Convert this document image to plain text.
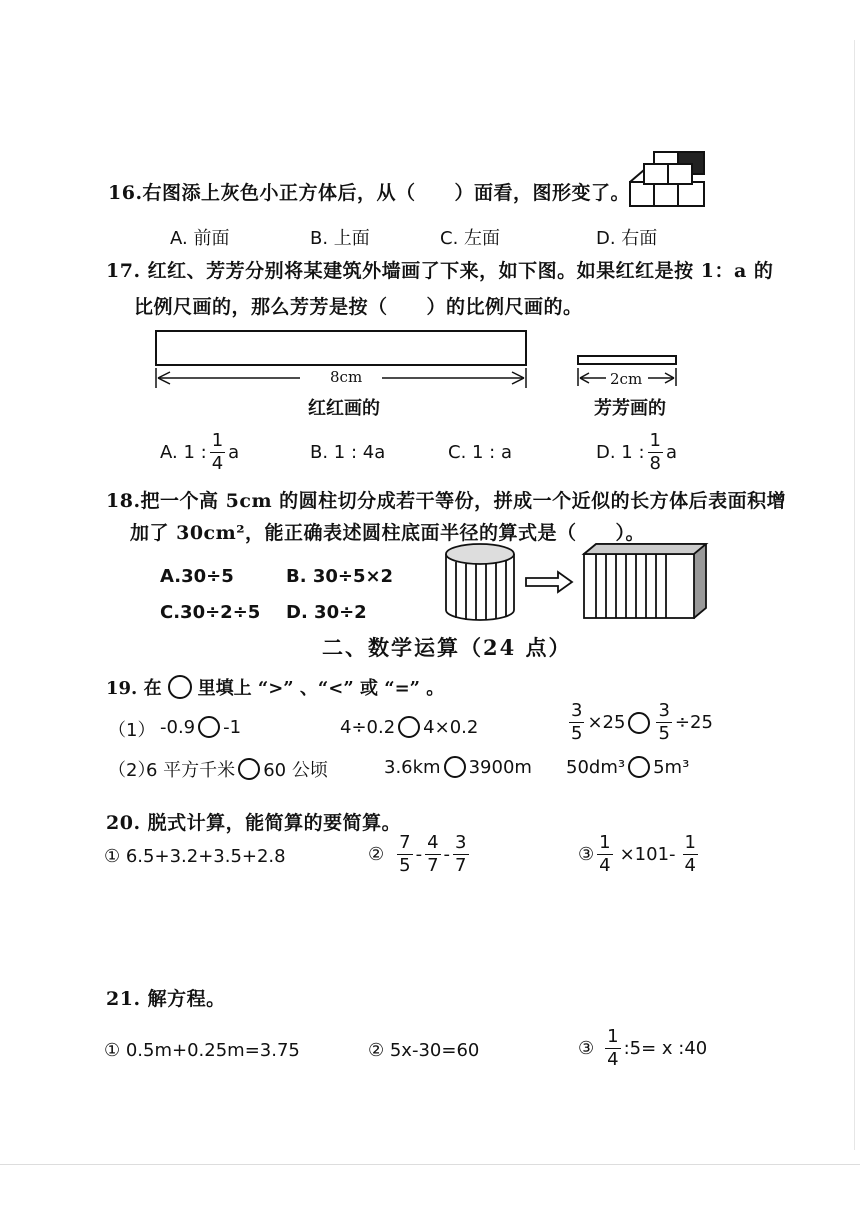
16.右图添上灰色小正方体后，从（　　）面看，图形变了。
A. 前面	B. 上面	C. 左面	D. 右面
17. 红红、芳芳分别将某建筑外墙画了下来，如下图。如果红红是按 1：a 的
比例尺画的，那么芳芳是按（　　）的比例尺画的。
8cm
红红画的
2cm
芳芳画的
A. 1 : $\frac{1}{4}$ a	B. 1 : 4a	C. 1 : a	D. 1 : $\frac{1}{8}$ a
18.把一个高 5cm 的圆柱切分成若干等份，拼成一个近似的长方体后表面积增
加了 30cm²，能正确表述圆柱底面半径的算式是（　　）。
A.30÷5	B. 30÷5×2
C.30÷2÷5 D. 30÷2
二、数学运算（24 点）
19. 在 里填上 “>” 、“<” 或 “=” 。
（1） -0.9 -1	4÷0.2 4×0.2	$\frac{3}{5} \times 25 \frac{3}{5} \div 25$
（2）
6 平方千米 60 公顷	3.6km 3900m 50dm³ 5m³
20. 脱式计算，能简算的要简算。
① 6.5+3.2+3.5+2.8	② $\frac{7}{5} - \frac{4}{7} - \frac{3}{7}$	③ $\frac{1}{4} \times 101- \frac{1}{4}$
21. 解方程。
① 0.5m+0.25m=3.75	② 5x-30=60	③ $\frac{1}{4}$ :5= x :40
